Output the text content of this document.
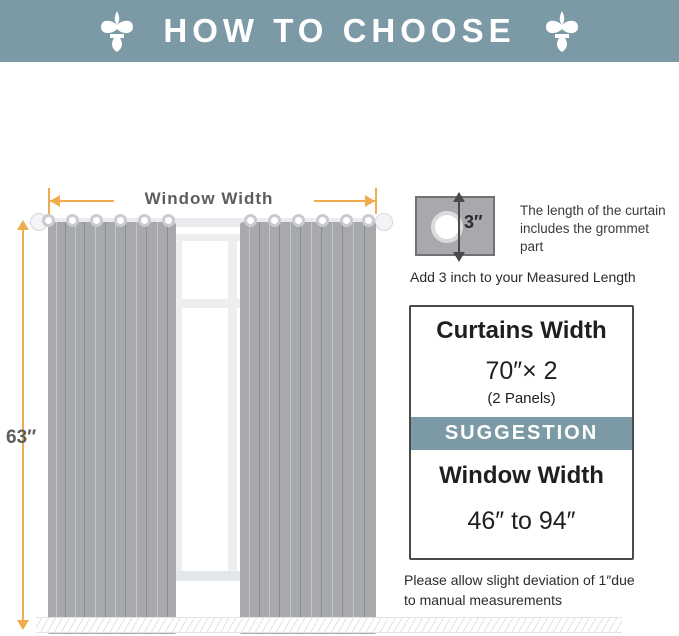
HOW TO CHOOSE
Window Width
63″
3″
The length of the curtain includes the grommet part
Add 3 inch to your Measured Length
Curtains Width
70″× 2
(2 Panels)
SUGGESTION
Window Width
46″ to 94″
Please allow slight deviation of 1″due to manual measurements
